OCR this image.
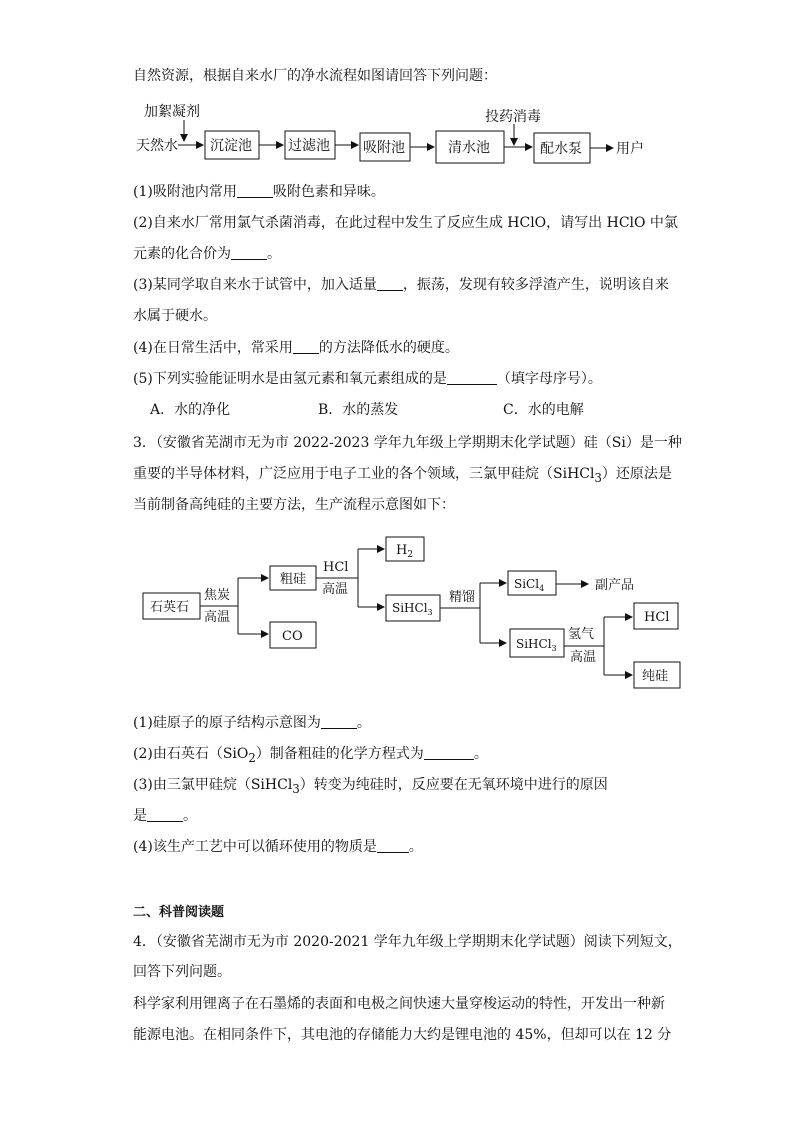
自然资源，根据自来水厂的净水流程如图请回答下列问题：
加絮凝剂
天然水 沉淀池	过滤池 吸附池	清水池
投药消毒
配水泵 用户
(1)吸附池内常用	吸附色素和异味。
(2)自来水厂常用氯气杀菌消毒，在此过程中发生了反应生成 HClO，请写出 HClO 中氯
元素的化合价为	。
(3)某同学取自来水于试管中，加入适量 ，振荡，发现有较多浮渣产生，说明该自来
水属于硬水。
(4)在日常生活中，常采用 的方法降低水的硬度。
(5)下列实验能证明水是由氢元素和氧元素组成的是	（填字母序号）。
A．水的净化	B．水的蒸发	C．水的电解
3．（安徽省芜湖市无为市 2022-2023 学年九年级上学期期末化学试题）硅（Si）是一种
重要的半导体材料，广泛应用于电子工业的各个领域，三氯甲硅烷（SiHCl$_3$）还原法是
当前制备高纯硅的主要方法，生产流程示意图如下：
石英石
焦炭
高温
粗硅
CO
HCl
高温
$H_2$
SiHCl$_3$
精馏
SiCl$_4$	副产品
SiHCl$_3$
氢气
高温
HCl
纯硅
(1)硅原子的原子结构示意图为	。
(2)由石英石（SiO$_2$）制备粗硅的化学方程式为	。
(3)由三氯甲硅烷（SiHCl$_3$）转变为纯硅时，反应要在无氧环境中进行的原因
是	。
(4)该生产工艺中可以循环使用的物质是 。
二、科普阅读题
4．（安徽省芜湖市无为市 2020-2021 学年九年级上学期期末化学试题）阅读下列短文，
回答下列问题。
科学家利用锂离子在石墨烯的表面和电极之间快速大量穿梭运动的特性，开发出一种新
能源电池。在相同条件下，其电池的存储能力大约是锂电池的 45%，但却可以在 12 分
